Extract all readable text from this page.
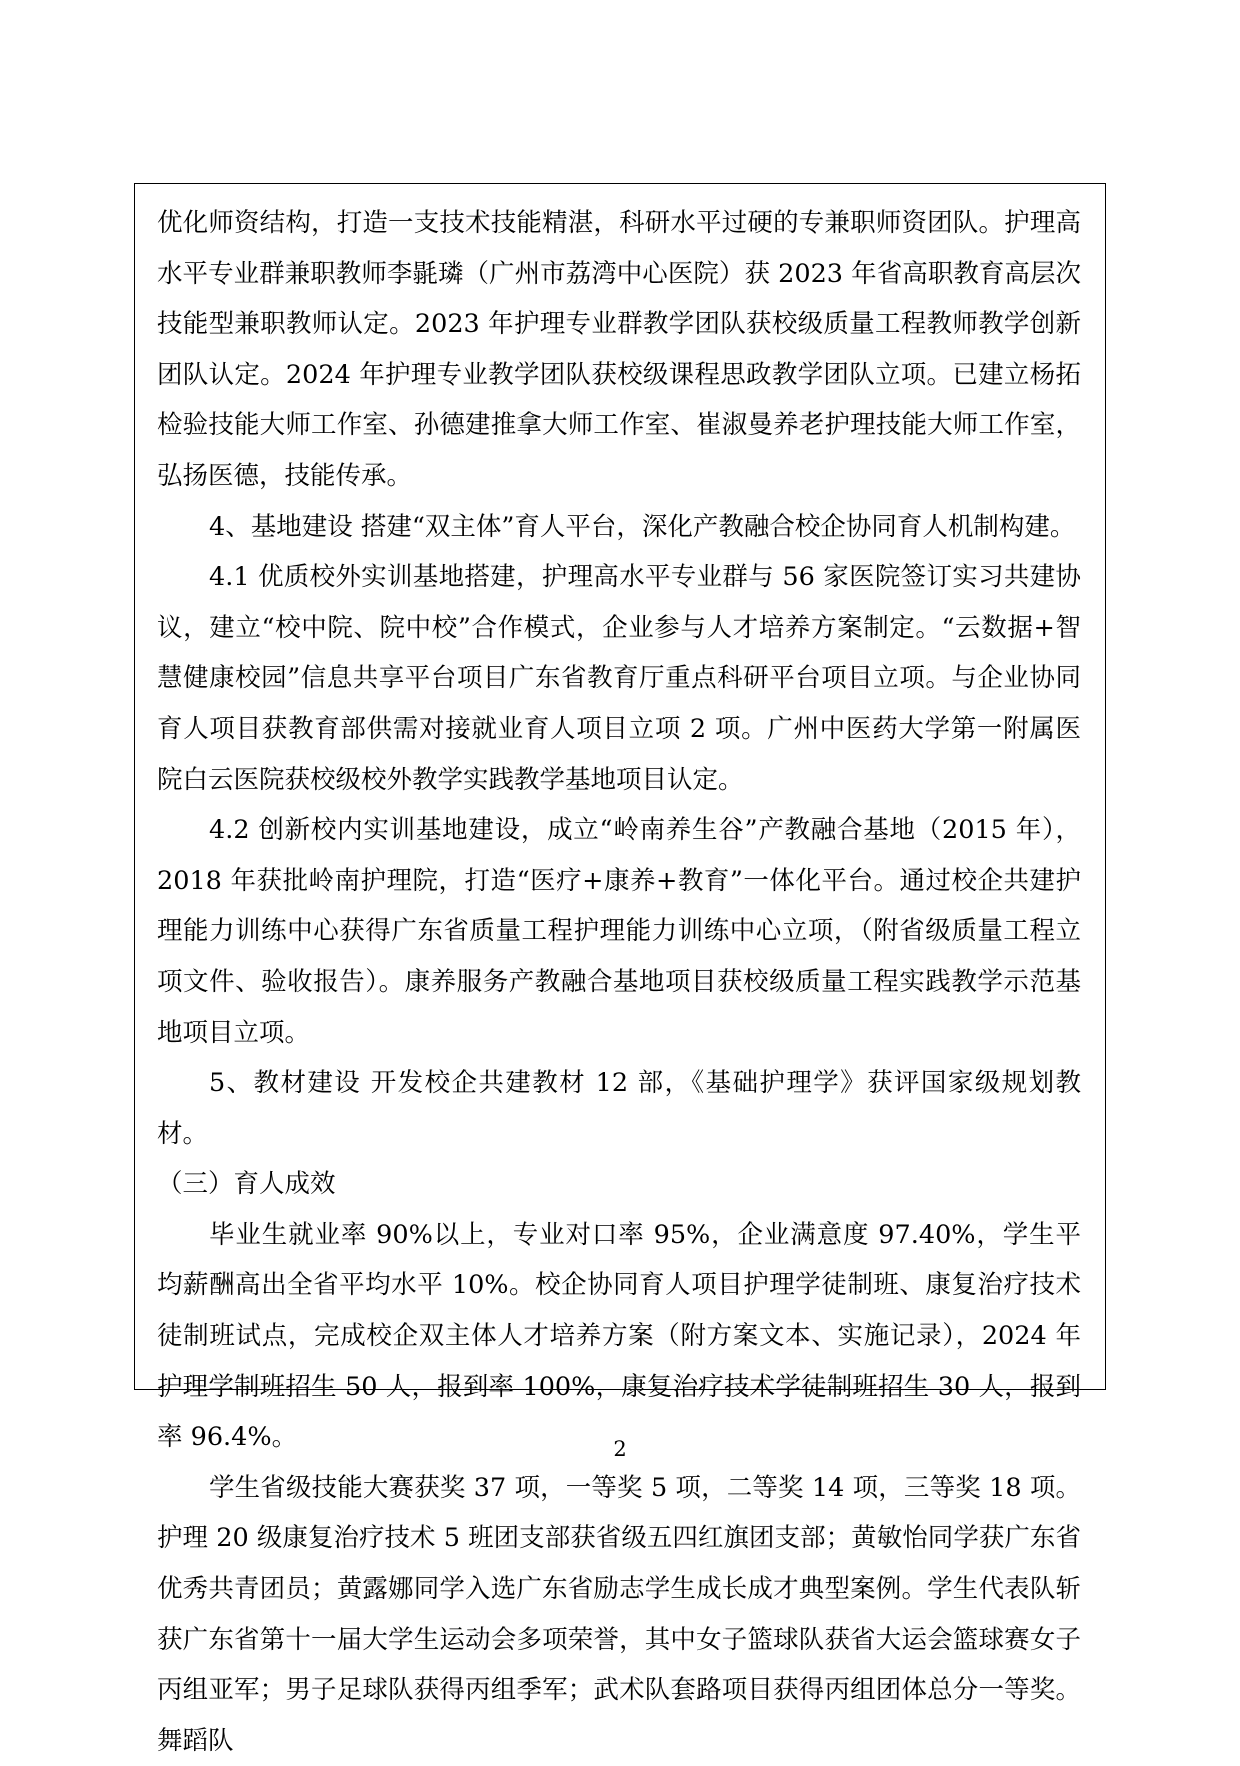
优化师资结构，打造一支技术技能精湛，科研水平过硬的专兼职师资团队。护理高水平专业群兼职教师李毾璘（广州市荔湾中心医院）获 2023 年省高职教育高层次技能型兼职教师认定。2023 年护理专业群教学团队获校级质量工程教师教学创新团队认定。2024 年护理专业教学团队获校级课程思政教学团队立项。已建立杨拓检验技能大师工作室、孙德建推拿大师工作室、崔淑曼养老护理技能大师工作室，弘扬医德，技能传承。

4、基地建设 搭建“双主体”育人平台，深化产教融合校企协同育人机制构建。

4.1 优质校外实训基地搭建，护理高水平专业群与 56 家医院签订实习共建协议，建立“校中院、院中校”合作模式，企业参与人才培养方案制定。“云数据+智慧健康校园”信息共享平台项目广东省教育厅重点科研平台项目立项。与企业协同育人项目获教育部供需对接就业育人项目立项 2 项。广州中医药大学第一附属医院白云医院获校级校外教学实践教学基地项目认定。

4.2 创新校内实训基地建设，成立“岭南养生谷”产教融合基地（2015 年），2018 年获批岭南护理院，打造“医疗+康养+教育”一体化平台。通过校企共建护理能力训练中心获得广东省质量工程护理能力训练中心立项，（附省级质量工程立项文件、验收报告）。康养服务产教融合基地项目获校级质量工程实践教学示范基地项目立项。

5、教材建设 开发校企共建教材 12 部，《基础护理学》获评国家级规划教材。

（三）育人成效

毕业生就业率 90%以上，专业对口率 95%，企业满意度 97.40%，学生平均薪酬高出全省平均水平 10%。校企协同育人项目护理学徒制班、康复治疗技术徒制班试点，完成校企双主体人才培养方案（附方案文本、实施记录），2024 年护理学制班招生 50 人，报到率 100%，康复治疗技术学徒制班招生 30 人，报到率 96.4%。

学生省级技能大赛获奖 37 项，一等奖 5 项，二等奖 14 项，三等奖 18 项。护理 20 级康复治疗技术 5 班团支部获省级五四红旗团支部；黄敏怡同学获广东省优秀共青团员；黄露娜同学入选广东省励志学生成长成才典型案例。学生代表队斩获广东省第十一届大学生运动会多项荣誉，其中女子篮球队获省大运会篮球赛女子丙组亚军；男子足球队获得丙组季军；武术队套路项目获得丙组团体总分一等奖。舞蹈队

2
